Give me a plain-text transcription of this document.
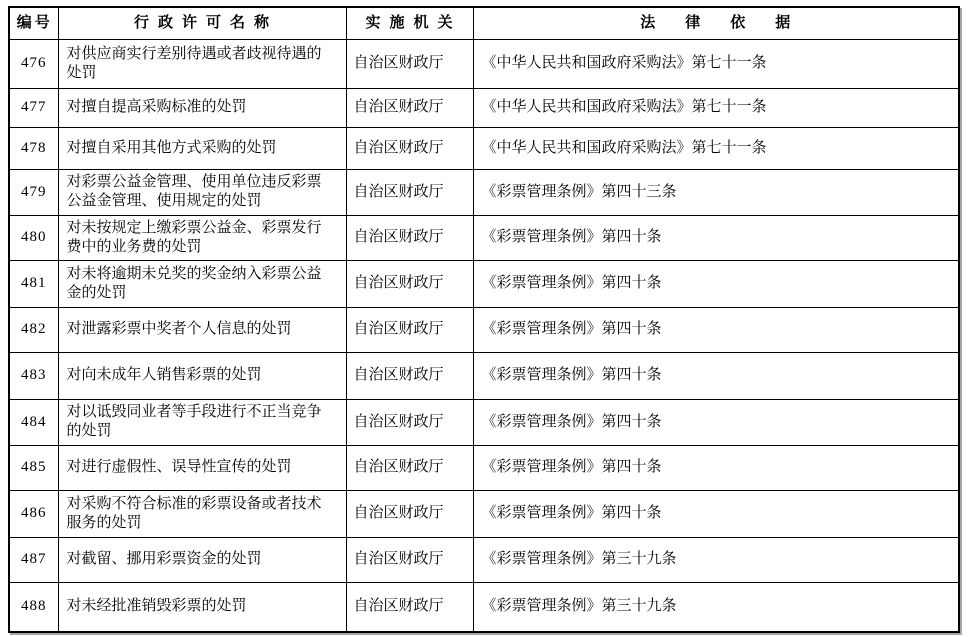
编号	行政许可名称	实施机关	法律依据
476	对供应商实行差别待遇或者歧视待遇的处罚	自治区财政厅	《中华人民共和国政府采购法》第七十一条
477	对擅自提高采购标准的处罚	自治区财政厅	《中华人民共和国政府采购法》第七十一条
478	对擅自采用其他方式采购的处罚	自治区财政厅	《中华人民共和国政府采购法》第七十一条
479	对彩票公益金管理、使用单位违反彩票公益金管理、使用规定的处罚	自治区财政厅	《彩票管理条例》第四十三条
480	对未按规定上缴彩票公益金、彩票发行费中的业务费的处罚	自治区财政厅	《彩票管理条例》第四十条
481	对未将逾期未兑奖的奖金纳入彩票公益金的处罚	自治区财政厅	《彩票管理条例》第四十条
482	对泄露彩票中奖者个人信息的处罚	自治区财政厅	《彩票管理条例》第四十条
483	对向未成年人销售彩票的处罚	自治区财政厅	《彩票管理条例》第四十条
484	对以诋毁同业者等手段进行不正当竞争的处罚	自治区财政厅	《彩票管理条例》第四十条
485	对进行虚假性、误导性宣传的处罚	自治区财政厅	《彩票管理条例》第四十条
486	对采购不符合标准的彩票设备或者技术服务的处罚	自治区财政厅	《彩票管理条例》第四十条
487	对截留、挪用彩票资金的处罚	自治区财政厅	《彩票管理条例》第三十九条
488	对未经批准销毁彩票的处罚	自治区财政厅	《彩票管理条例》第三十九条
